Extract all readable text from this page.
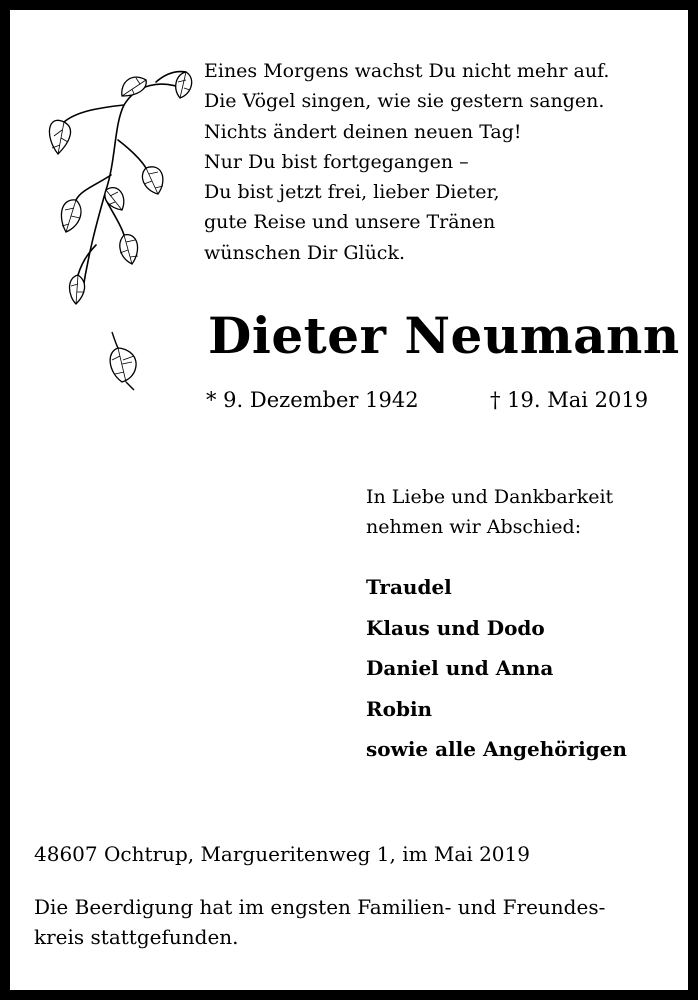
Eines Morgens wachst Du nicht mehr auf.
Die Vögel singen, wie sie gestern sangen.
Nichts ändert deinen neuen Tag!
Nur Du bist fortgegangen –
Du bist jetzt frei, lieber Dieter,
gute Reise und unsere Tränen
wünschen Dir Glück.
Dieter Neumann
* 9. Dezember 1942	† 19. Mai 2019
In Liebe und Dankbarkeit
nehmen wir Abschied:
Traudel
Klaus und Dodo
Daniel und Anna
Robin
sowie alle Angehörigen
48607 Ochtrup, Margueritenweg 1, im Mai 2019
Die Beerdigung hat im engsten Familien- und Freundes-
kreis stattgefunden.
